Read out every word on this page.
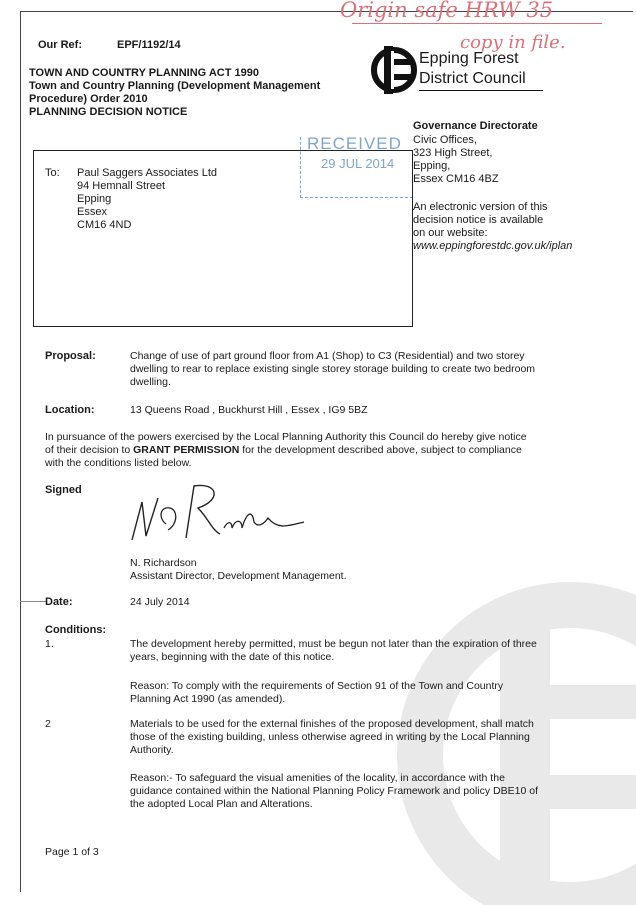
Origin safe HRW 35
copy in file.
Our Ref:	EPF/1192/14
TOWN AND COUNTRY PLANNING ACT 1990
Town and Country Planning (Development Management
Procedure) Order 2010
PLANNING DECISION NOTICE
Epping Forest
District Council
Governance Directorate
Civic Offices,
323 High Street,
Epping,
Essex CM16 4BZ
An electronic version of this
decision notice is available
on our website:
www.eppingforestdc.gov.uk/iplan
RECEIVED
29 JUL 2014
To: Paul Saggers Associates Ltd
94 Hemnall Street
Epping
Essex
CM16 4ND
Proposal:	Change of use of part ground floor from A1 (Shop) to C3 (Residential) and two storey
dwelling to rear to replace existing single storey storage building to create two bedroom
dwelling.
Location:	13 Queens Road , Buckhurst Hill , Essex , IG9 5BZ
In pursuance of the powers exercised by the Local Planning Authority this Council do hereby give notice
of their decision to GRANT PERMISSION for the development described above, subject to compliance
with the conditions listed below.
Signed
N Richardson
N. Richardson
Assistant Director, Development Management.
Date:	24 July 2014
Conditions:
1.	The development hereby permitted, must be begun not later than the expiration of three

years, beginning with the date of this notice.

Reason: To comply with the requirements of Section 91 of the Town and Country

Planning Act 1990 (as amended).

2	Materials to be used for the external finishes of the proposed development, shall match

those of the existing building, unless otherwise agreed in writing by the Local Planning

Authority.

Reason:- To safeguard the visual amenities of the locality, in accordance with the

guidance contained within the National Planning Policy Framework and policy DBE10 of

the adopted Local Plan and Alterations.

Page 1 of 3
